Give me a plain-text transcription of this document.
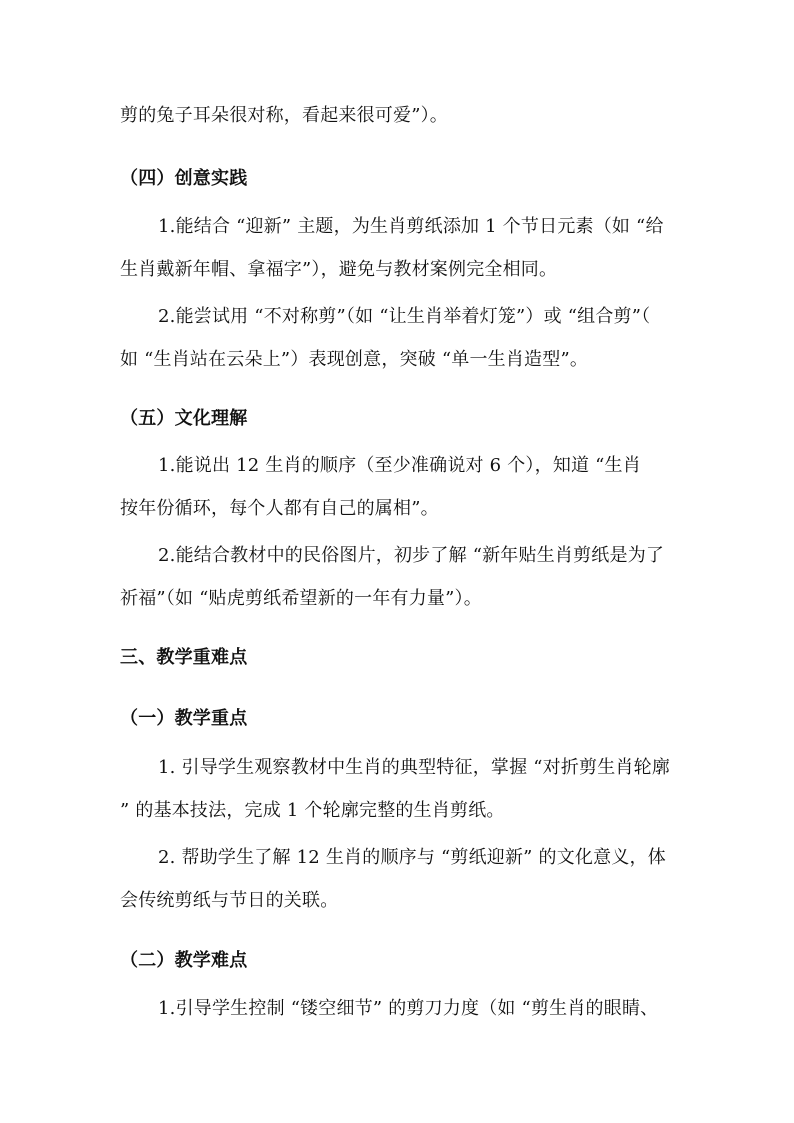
剪的兔子耳朵很对称，看起来很可爱”）。
（四）创意实践
1.能结合 “迎新” 主题，为生肖剪纸添加 1 个节日元素（如 “给
生肖戴新年帽、拿福字”），避免与教材案例完全相同。
2.能尝试用 “不对称剪”（如 “让生肖举着灯笼”）或 “组合剪”（
如 “生肖站在云朵上”）表现创意，突破 “单一生肖造型”。
（五）文化理解
1.能说出 12 生肖的顺序（至少准确说对 6 个），知道 “生肖
按年份循环，每个人都有自己的属相”。
2.能结合教材中的民俗图片，初步了解 “新年贴生肖剪纸是为了
祈福”（如 “贴虎剪纸希望新的一年有力量”）。
三、教学重难点
（一）教学重点
1. 引导学生观察教材中生肖的典型特征，掌握 “对折剪生肖轮廓
” 的基本技法，完成 1 个轮廓完整的生肖剪纸。
2. 帮助学生了解 12 生肖的顺序与 “剪纸迎新” 的文化意义，体
会传统剪纸与节日的关联。
（二）教学难点
1.引导学生控制 “镂空细节” 的剪刀力度（如 “剪生肖的眼睛、
